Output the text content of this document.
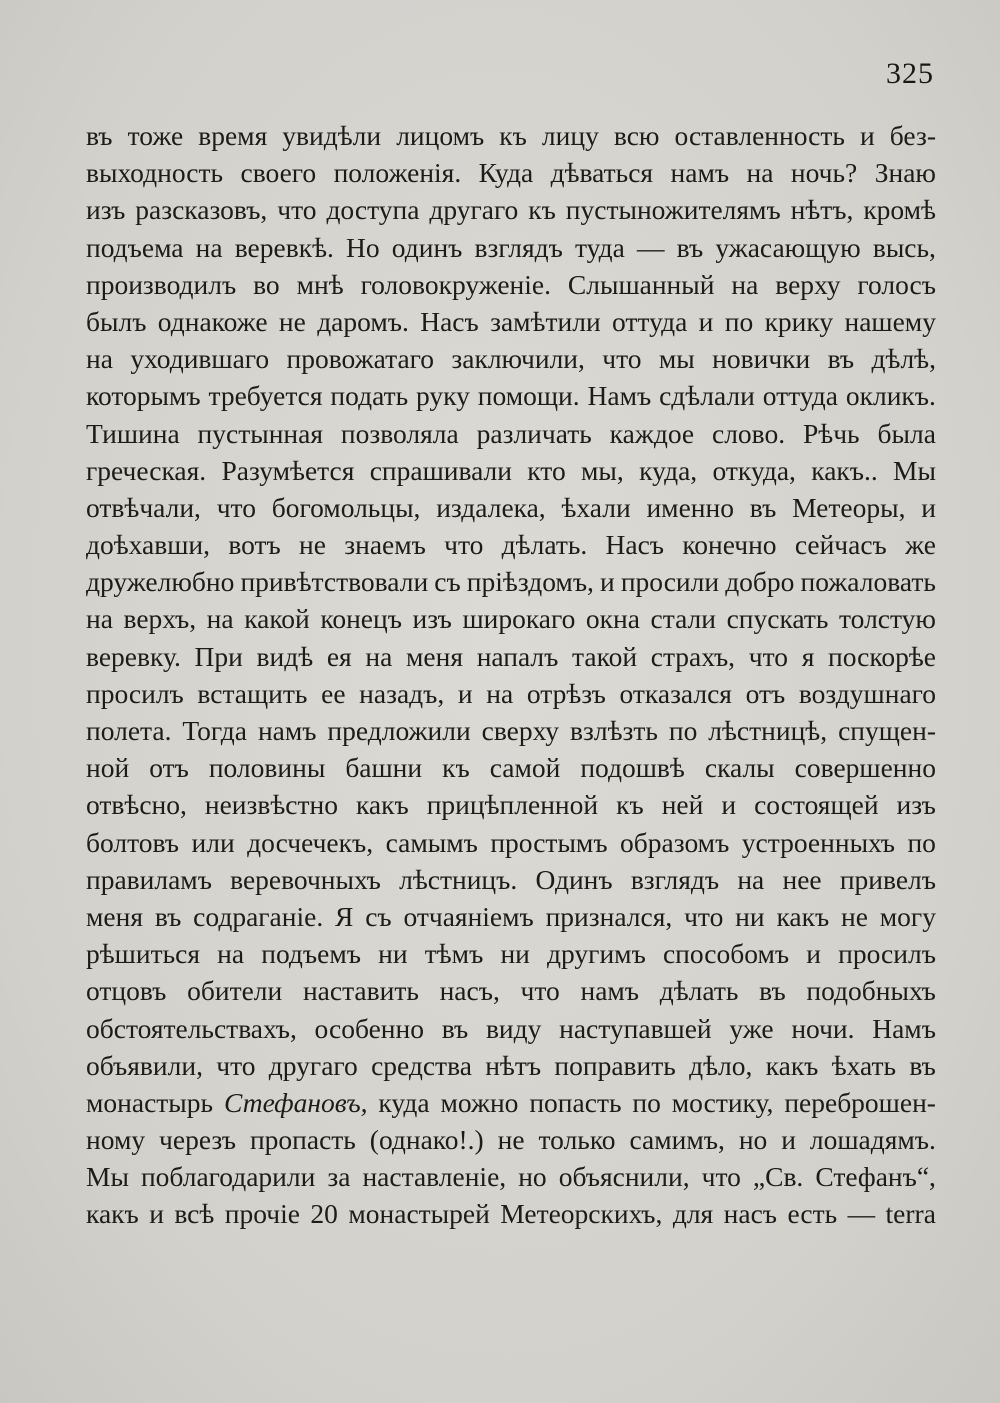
325
въ тоже время увидѣли лицомъ къ лицу всю оставленность и без-
выходность своего положенія. Куда дѣваться намъ на ночь? Знаю
изъ разсказовъ, что доступа другаго къ пустыножителямъ нѣтъ, кромѣ
подъема на веревкѣ. Но одинъ взглядъ туда — въ ужасающую высь,
производилъ во мнѣ головокруженіе. Слышанный на верху голосъ
былъ однакоже не даромъ. Насъ замѣтили оттуда и по крику нашему
на уходившаго провожатаго заключили, что мы новички въ дѣлѣ,
которымъ требуется подать руку помощи. Намъ сдѣлали оттуда окликъ.
Тишина пустынная позволяла различать каждое слово. Рѣчь была
греческая. Разумѣется спрашивали кто мы, куда, откуда, какъ.. Мы
отвѣчали, что богомольцы, издалека, ѣхали именно въ Метеоры, и
доѣхавши, вотъ не знаемъ что дѣлать. Насъ конечно сейчасъ же
дружелюбно привѣтствовали съ пріѣздомъ, и просили добро пожаловать
на верхъ, на какой конецъ изъ широкаго окна стали спускать толстую
веревку. При видѣ ея на меня напалъ такой страхъ, что я поскорѣе
просилъ встащить ее назадъ, и на отрѣзъ отказался отъ воздушнаго
полета. Тогда намъ предложили сверху взлѣзть по лѣстницѣ, спущен-
ной отъ половины башни къ самой подошвѣ скалы совершенно
отвѣсно, неизвѣстно какъ прицѣпленной къ ней и состоящей изъ
болтовъ или досчечекъ, самымъ простымъ образомъ устроенныхъ по
правиламъ веревочныхъ лѣстницъ. Одинъ взглядъ на нее привелъ
меня въ содраганіе. Я съ отчаяніемъ признался, что ни какъ не могу
рѣшиться на подъемъ ни тѣмъ ни другимъ способомъ и просилъ
отцовъ обители наставить насъ, что намъ дѣлать въ подобныхъ
обстоятельствахъ, особенно въ виду наступавшей уже ночи. Намъ
объявили, что другаго средства нѣтъ поправить дѣло, какъ ѣхать въ
монастырь Стефановъ, куда можно попасть по мостику, переброшен-
ному черезъ пропасть (однако!.) не только самимъ, но и лошадямъ.
Мы поблагодарили за наставленіе, но объяснили, что „Св. Стефанъ“,
какъ и всѣ прочіе 20 монастырей Метеорскихъ, для насъ есть — terra
